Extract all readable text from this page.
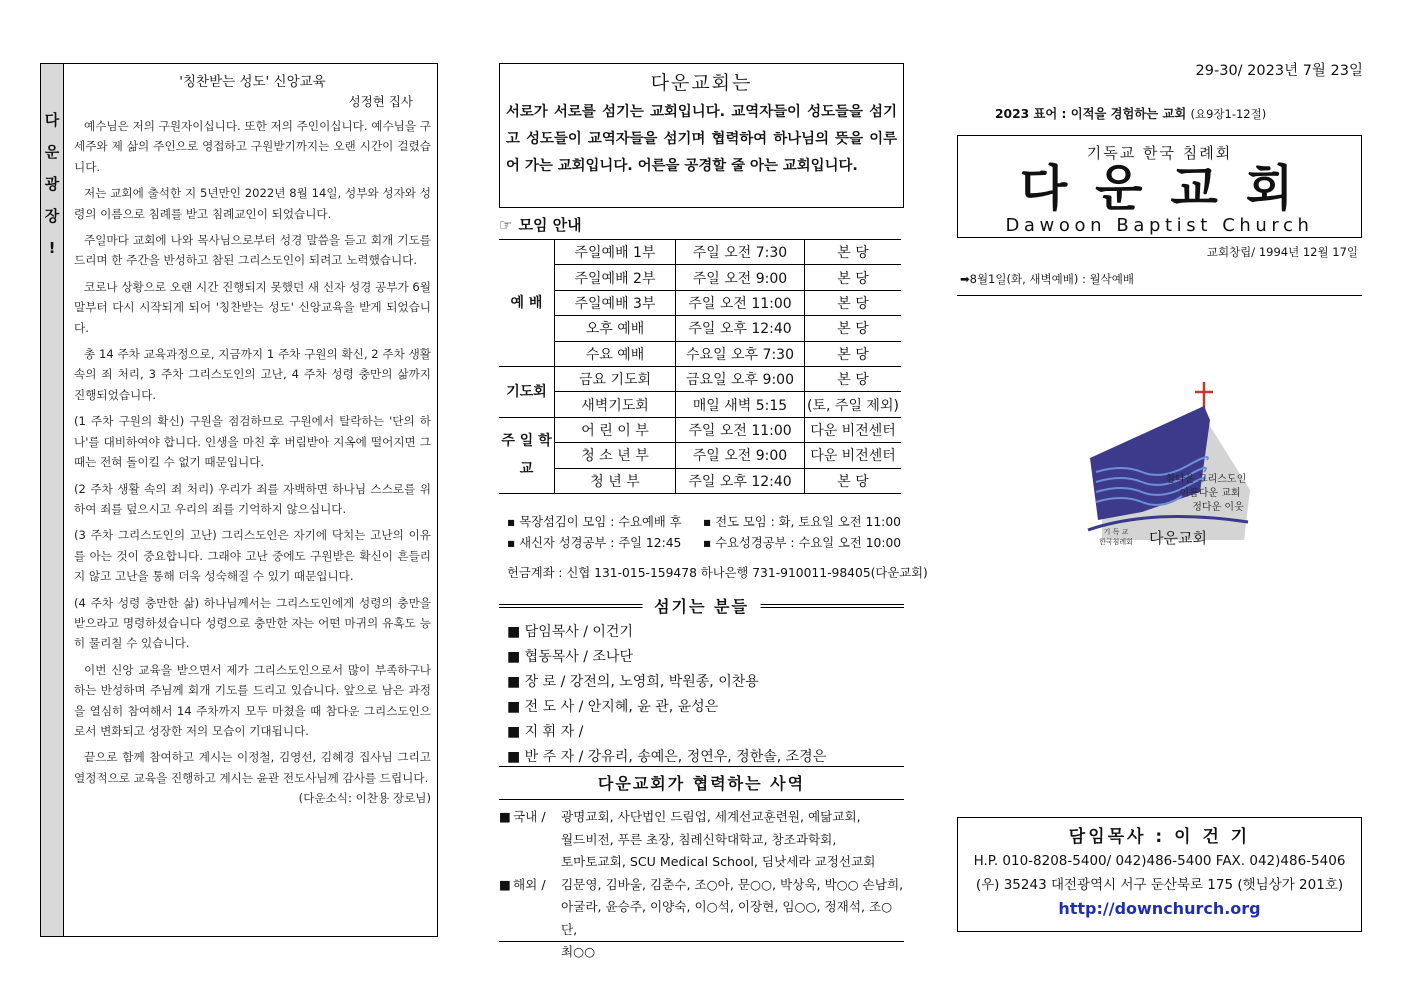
다
운
광
장
!
'칭찬받는 성도' 신앙교육
성정현 집사

예수님은 저의 구원자이십니다. 또한 저의 주인이십니다. 예수님을 구세주와 제 삶의 주인으로 영접하고 구원받기까지는 오랜 시간이 걸렸습니다.

저는 교회에 출석한 지 5년만인 2022년 8월 14일, 성부와 성자와 성령의 이름으로 침례를 받고 침례교인이 되었습니다.

주일마다 교회에 나와 목사님으로부터 성경 말씀을 듣고 회개 기도를 드리며 한 주간을 반성하고 참된 그리스도인이 되려고 노력했습니다.

코로나 상황으로 오랜 시간 진행되지 못했던 새 신자 성경 공부가 6월 말부터 다시 시작되게 되어 '칭찬받는 성도' 신앙교육을 받게 되었습니다.

총 14 주차 교육과정으로, 지금까지 1 주차 구원의 확신, 2 주차 생활속의 죄 처리, 3 주차 그리스도인의 고난, 4 주차 성령 충만의 삶까지 진행되었습니다.

(1 주차 구원의 확신) 구원을 점검하므로 구원에서 탈락하는 '단의 하나'를 대비하여야 합니다. 인생을 마친 후 버림받아 지옥에 떨어지면 그때는 전혀 돌이킬 수 없기 때문입니다.

(2 주차 생활 속의 죄 처리) 우리가 죄를 자백하면 하나님 스스로를 위하여 죄를 덮으시고 우리의 죄를 기억하지 않으십니다.

(3 주차 그리스도인의 고난) 그리스도인은 자기에 닥치는 고난의 이유를 아는 것이 중요합니다. 그래야 고난 중에도 구원받은 확신이 흔들리지 않고 고난을 통해 더욱 성숙해질 수 있기 때문입니다.

(4 주차 성령 충만한 삶) 하나님께서는 그리스도인에게 성령의 충만을 받으라고 명령하셨습니다 성령으로 충만한 자는 어떤 마귀의 유혹도 능히 물리칠 수 있습니다.

이번 신앙 교육을 받으면서 제가 그리스도인으로서 많이 부족하구나 하는 반성하며 주님께 회개 기도를 드리고 있습니다. 앞으로 남은 과정을 열심히 참여해서 14 주차까지 모두 마쳤을 때 참다운 그리스도인으로서 변화되고 성장한 저의 모습이 기대됩니다.

끝으로 함께 참여하고 계시는 이정철, 김영선, 김혜경 집사님 그리고 열정적으로 교육을 진행하고 계시는 윤관 전도사님께 감사를 드립니다.
(다운소식: 이찬용 장로님)

다운교회는
서로가 서로를 섬기는 교회입니다. 교역자들이 성도들을 섬기고 성도들이 교역자들을 섬기며 협력하여 하나님의 뜻을 이루어 가는 교회입니다. 어른을 공경할 줄 아는 교회입니다.
☞ 모임 안내
예 배	주일예배 1부	주일 오전 7:30	본 당
	주일예배 2부	주일 오전 9:00	본 당
	주일예배 3부	주일 오전 11:00	본 당
	오후 예배	주일 오후 12:40	본 당
	수요 예배	수요일 오후 7:30	본 당
기도회	금요 기도회	금요일 오후 9:00	본 당
	새벽기도회	매일 새벽 5:15	(토, 주일 제외)
주 일 학 교	어 린 이 부	주일 오전 11:00	다운 비전센터
	청 소 년 부	주일 오전 9:00	다운 비전센터
	청 년 부	주일 오후 12:40	본 당
▪ 목장섬김이 모임 : 수요예배 후 ▪ 전도 모임 : 화, 토요일 오전 11:00
▪ 새신자 성경공부 : 주일 12:45 ▪ 수요성경공부 : 수요일 오전 10:00
헌금계좌 : 신협 131-015-159478 하나은행 731-910011-98405(다운교회)
섬기는 분들
■ 담임목사 / 이건기
■ 협동목사 / 조나단
■ 장 로 / 강전의, 노영희, 박원종, 이찬용
■ 전 도 사 / 안지혜, 윤 관, 윤성은
■ 지 휘 자 /
■ 반 주 자 / 강유리, 송예은, 정연우, 정한솔, 조경은
다운교회가 협력하는 사역
■ 국내 /	광명교회, 사단법인 드림업, 세계선교훈련원, 예닮교회,
월드비전, 푸른 초장, 침례신학대학교, 창조과학회,
토마토교회, SCU Medical School, 딤낫세라 교정선교회
■ 해외 /	김문영, 김바울, 김춘수, 조○아, 문○○, 박상욱, 박○○ 손남희,
아굴라, 윤승주, 이양숙, 이○석, 이장현, 임○○, 정재석, 조○단,
최○○
29-30/ 2023년 7월 23일
2023 표어 : 이적을 경험하는 교회 (요9장1-12절)
기독교 한국 침례회
다운교회
Dawoon Baptist Church
교회창립/ 1994년 12월 17일
➡8월1일(화, 새벽예배) : 월삭예배
참다운 그리스도인
이름다운 교회
정다운 이웃
기 독 교
한국침례회 다운교회
담임목사 : 이 건 기
H.P. 010-8208-5400/ 042)486-5400 FAX. 042)486-5406
(우) 35243 대전광역시 서구 둔산북로 175 (햇님상가 201호)
http://downchurch.org
